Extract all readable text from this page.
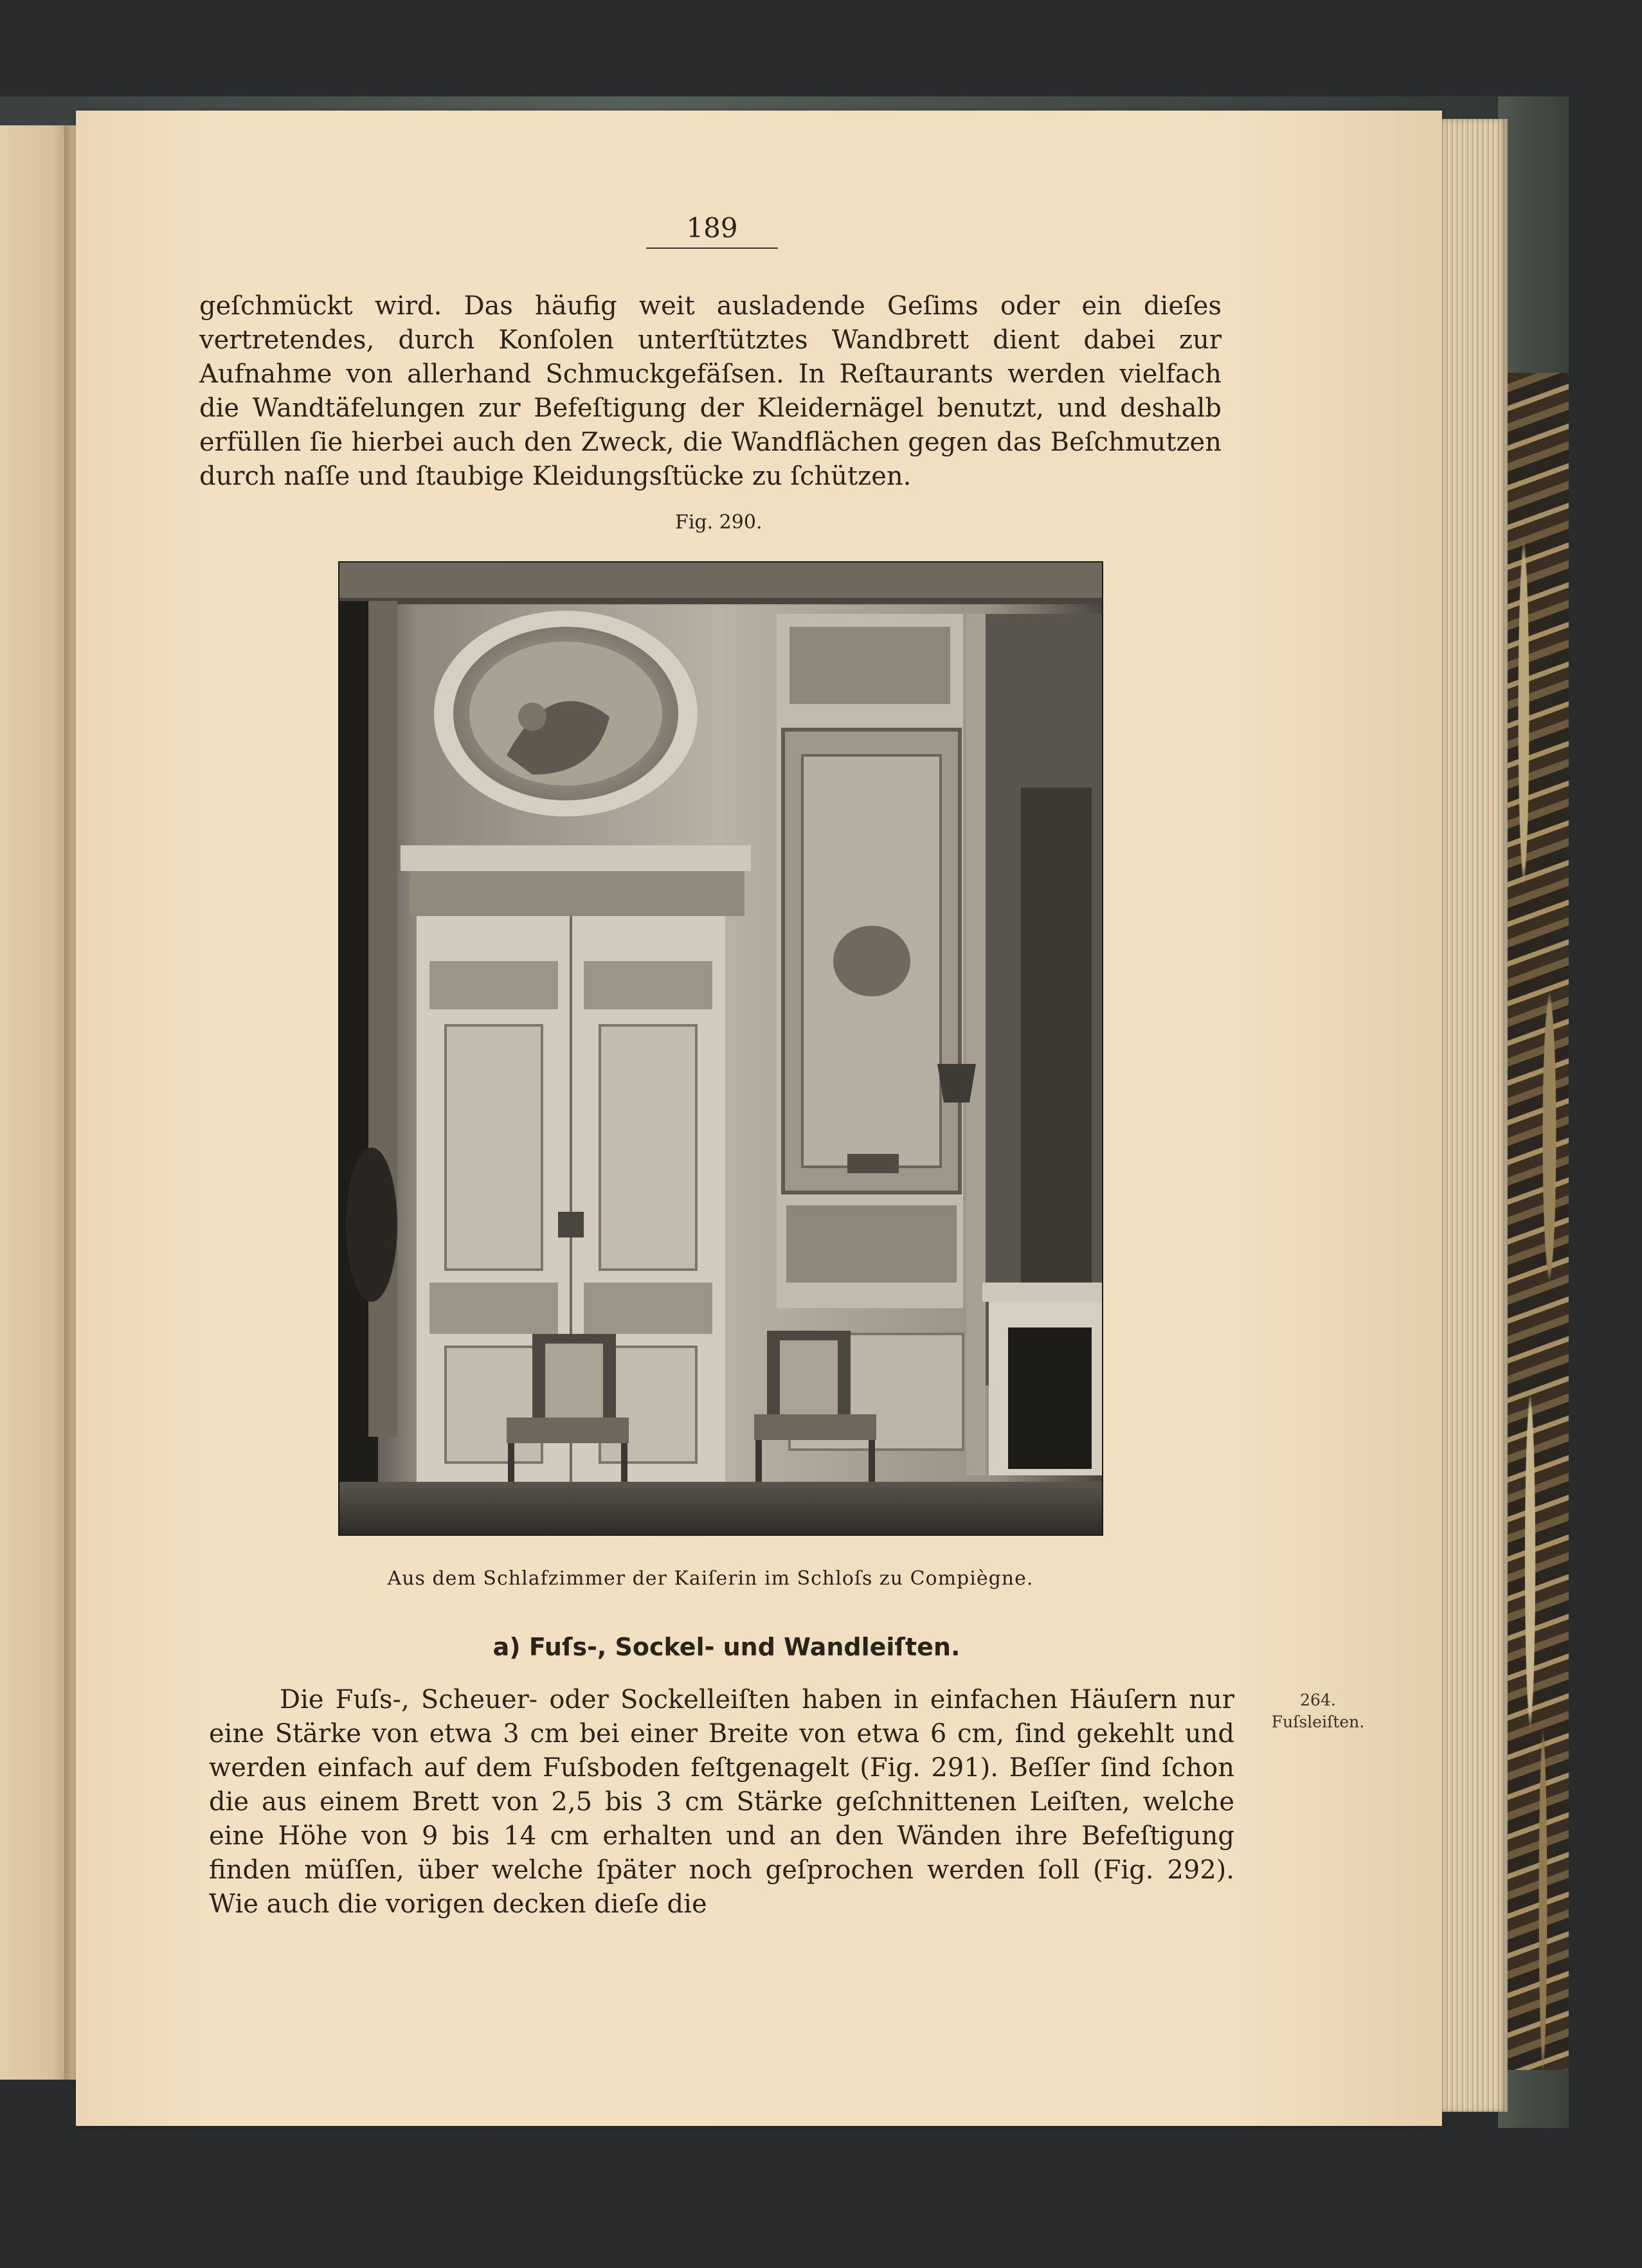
189

geſchmückt wird. Das häufig weit ausladende Geſims oder ein dieſes vertretendes, durch Konſolen unterſtütztes Wandbrett dient dabei zur Aufnahme von allerhand Schmuckgefäſsen. In Reſtaurants werden vielfach die Wandtäfelungen zur Befeſtigung der Kleidernägel benutzt, und deshalb erfüllen ſie hierbei auch den Zweck, die Wandflächen gegen das Beſchmutzen durch naſſe und ſtaubige Kleidungsſtücke zu ſchützen.

Fig. 290.
Aus dem Schlafzimmer der Kaiſerin im Schloſs zu Compiègne.
a) Fuſs-, Sockel- und Wandleiſten.
264.
Fuſsleiſten.

Die Fuſs-, Scheuer- oder Sockelleiſten haben in einfachen Häuſern nur eine Stärke von etwa 3 cm bei einer Breite von etwa 6 cm, ſind gekehlt und werden einfach auf dem Fuſsboden feſtgenagelt (Fig. 291). Beſſer ſind ſchon die aus einem Brett von 2,5 bis 3 cm Stärke geſchnittenen Leiſten, welche eine Höhe von 9 bis 14 cm erhalten und an den Wänden ihre Befeſtigung finden müſſen, über welche ſpäter noch geſprochen werden ſoll (Fig. 292). Wie auch die vorigen decken dieſe die
